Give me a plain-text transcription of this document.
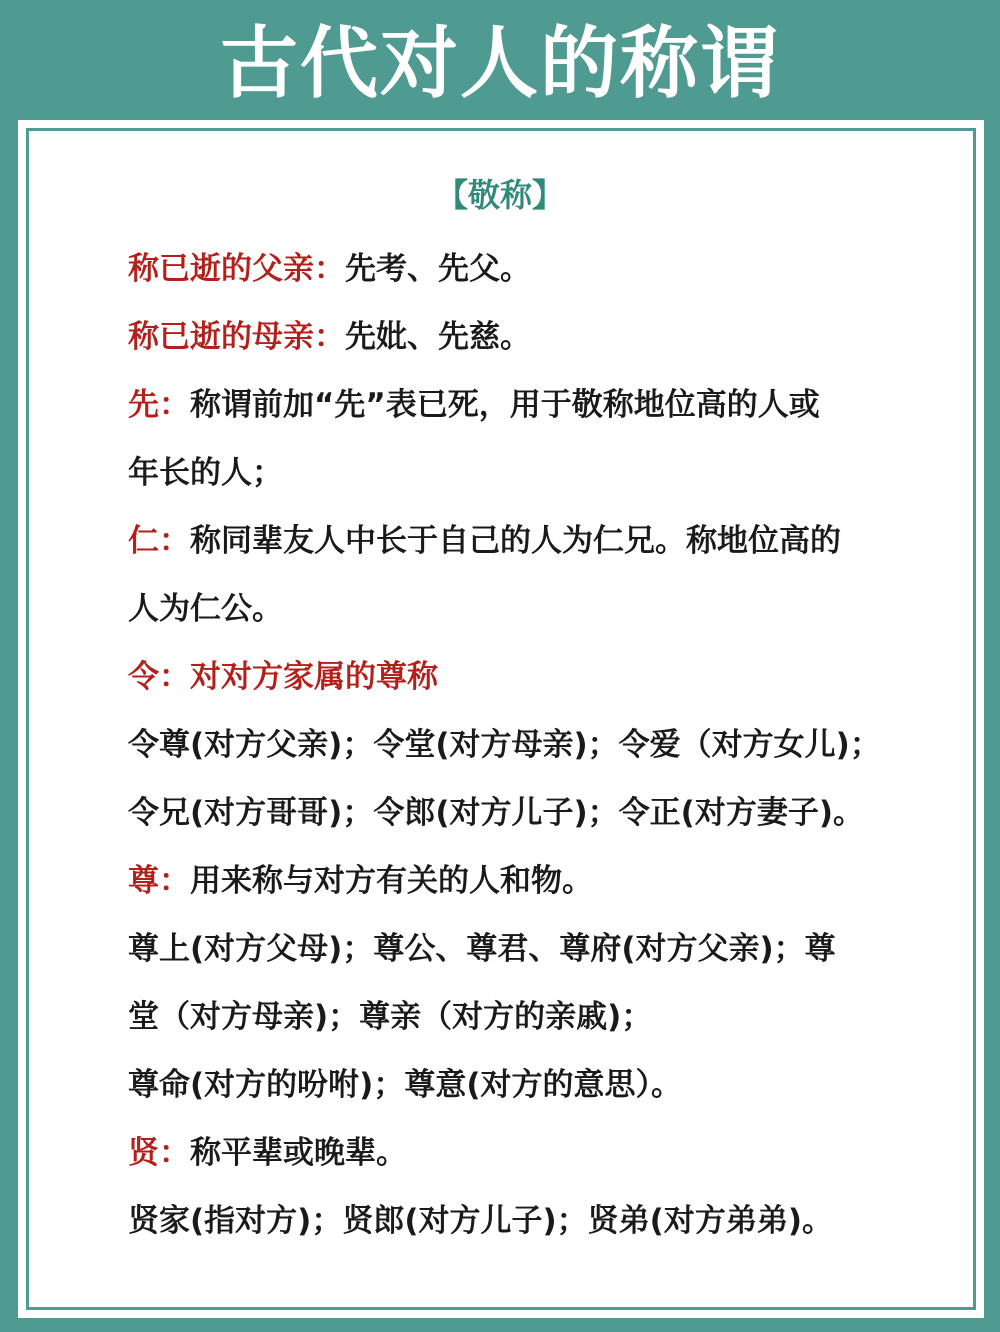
古代对人的称谓
【敬称】
称已逝的父亲：先考、先父。
称已逝的母亲：先妣、先慈。
先：称谓前加“先”表已死，用于敬称地位高的人或
年长的人；
仁：称同辈友人中长于自己的人为仁兄。称地位高的
人为仁公。
令：对对方家属的尊称
令尊(对方父亲)；令堂(对方母亲)；令爱（对方女儿)；
令兄(对方哥哥)；令郎(对方儿子)；令正(对方妻子)。
尊：用来称与对方有关的人和物。
尊上(对方父母)；尊公、尊君、尊府(对方父亲)；尊
堂（对方母亲)；尊亲（对方的亲戚)；
尊命(对方的吩咐)；尊意(对方的意思）。
贤：称平辈或晚辈。
贤家(指对方)；贤郎(对方儿子)；贤弟(对方弟弟)。
